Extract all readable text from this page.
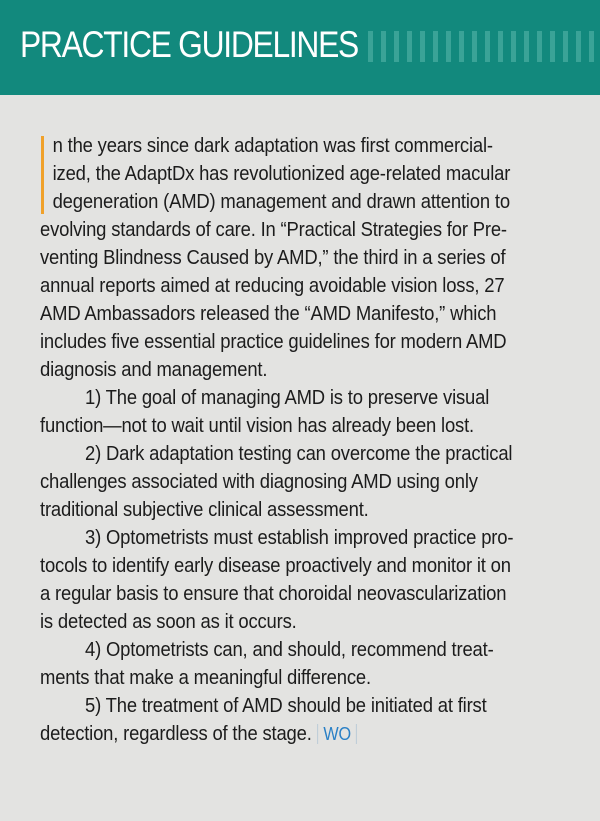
PRACTICE GUIDELINES
n the years since dark adaptation was first commercial-
ized, the AdaptDx has revolutionized age-related macular
degeneration (AMD) management and drawn attention to
evolving standards of care. In “Practical Strategies for Pre-
venting Blindness Caused by AMD,” the third in a series of
annual reports aimed at reducing avoidable vision loss, 27
AMD Ambassadors released the “AMD Manifesto,” which
includes five essential practice guidelines for modern AMD
diagnosis and management.
1) The goal of managing AMD is to preserve visual
function—not to wait until vision has already been lost.
2) Dark adaptation testing can overcome the practical
challenges associated with diagnosing AMD using only
traditional subjective clinical assessment.
3) Optometrists must establish improved practice pro-
tocols to identify early disease proactively and monitor it on
a regular basis to ensure that choroidal neovascularization
is detected as soon as it occurs.
4) Optometrists can, and should, recommend treat-
ments that make a meaningful difference.
5) The treatment of AMD should be initiated at first
detection, regardless of the stage. WO
